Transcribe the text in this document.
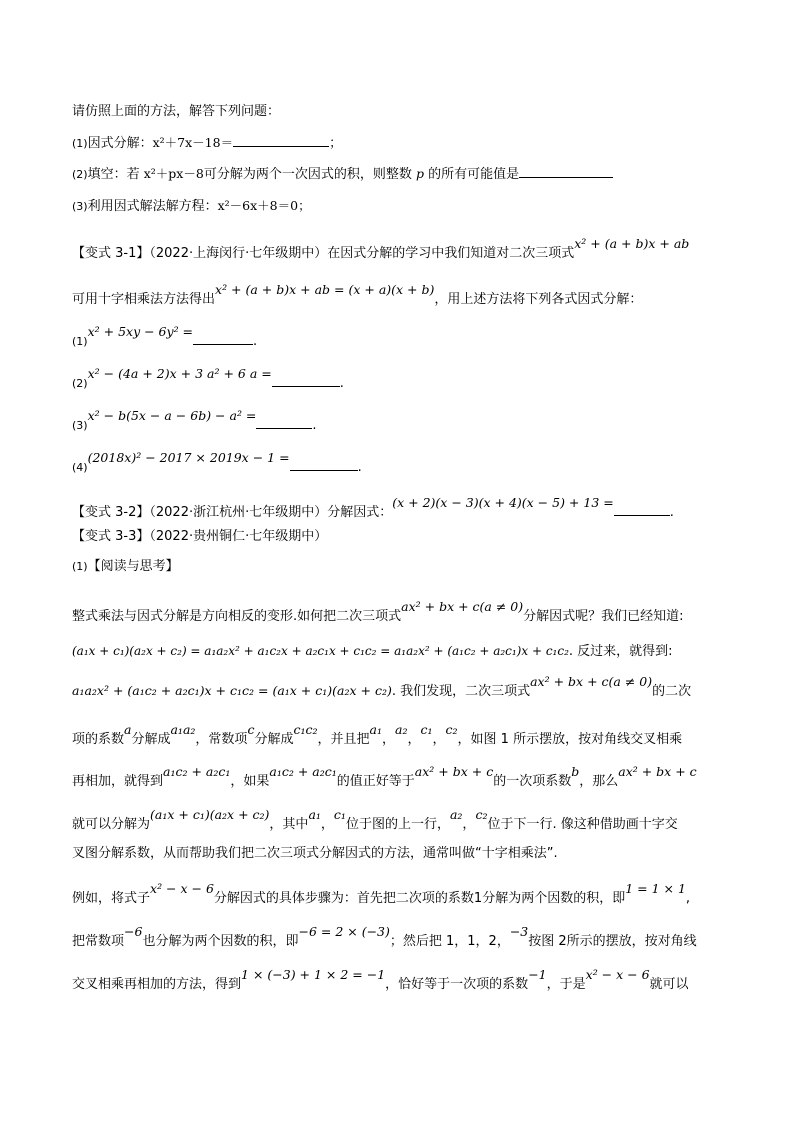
请仿照上面的方法，解答下列问题：
(1)因式分解：x²＋7x－18＝	；
(2)填空：若 x²＋px－8可分解为两个一次因式的积，则整数 p 的所有可能值是
(3)利用因式解法解方程：x²－6x＋8＝0；
【变式 3-1】（2022·上海闵行·七年级期中）在因式分解的学习中我们知道对二次三项式x² + (a + b)x + ab
可用十字相乘法方法得出x² + (a + b)x + ab = (x + a)(x + b)，用上述方法将下列各式因式分解：
(1)x² + 5xy − 6y² =.
(2)x² − (4a + 2)x + 3 a² + 6 a =.
(3)x² − b(5x − a − 6b) − a² =.
(4)(2018x)² − 2017 × 2019x − 1 =.
【变式 3-2】（2022·浙江杭州·七年级期中）分解因式：(x + 2)(x − 3)(x + 4)(x − 5) + 13 =.
【变式 3-3】（2022·贵州铜仁·七年级期中）
(1)【阅读与思考】
整式乘法与因式分解是方向相反的变形.如何把二次三项式ax² + bx + c(a ≠ 0)分解因式呢？我们已经知道:
(a₁x + c₁)(a₂x + c₂) = a₁a₂x² + a₁c₂x + a₂c₁x + c₁c₂ = a₁a₂x² + (a₁c₂ + a₂c₁)x + c₁c₂. 反过来，就得到:
a₁a₂x² + (a₁c₂ + a₂c₁)x + c₁c₂ = (a₁x + c₁)(a₂x + c₂). 我们发现，二次三项式ax² + bx + c(a ≠ 0)的二次
项的系数a分解成a₁a₂，常数项c分解成c₁c₂，并且把a₁，a₂，c₁，c₂，如图 1 所示摆放，按对角线交叉相乘
再相加，就得到a₁c₂ + a₂c₁，如果a₁c₂ + a₂c₁的值正好等于ax² + bx + c的一次项系数b，那么ax² + bx + c
就可以分解为(a₁x + c₁)(a₂x + c₂)，其中a₁，c₁位于图的上一行，a₂，c₂位于下一行. 像这种借助画十字交
叉图分解系数，从而帮助我们把二次三项式分解因式的方法，通常叫做“十字相乘法”.
例如，将式子x² − x − 6分解因式的具体步骤为：首先把二次项的系数1分解为两个因数的积，即1 = 1 × 1,
把常数项−6也分解为两个因数的积，即−6 = 2 × (−3)；然后把 1，1，2，−3按图 2所示的摆放，按对角线
交叉相乘再相加的方法，得到1 × (−3) + 1 × 2 = −1，恰好等于一次项的系数−1，于是x² − x − 6就可以
